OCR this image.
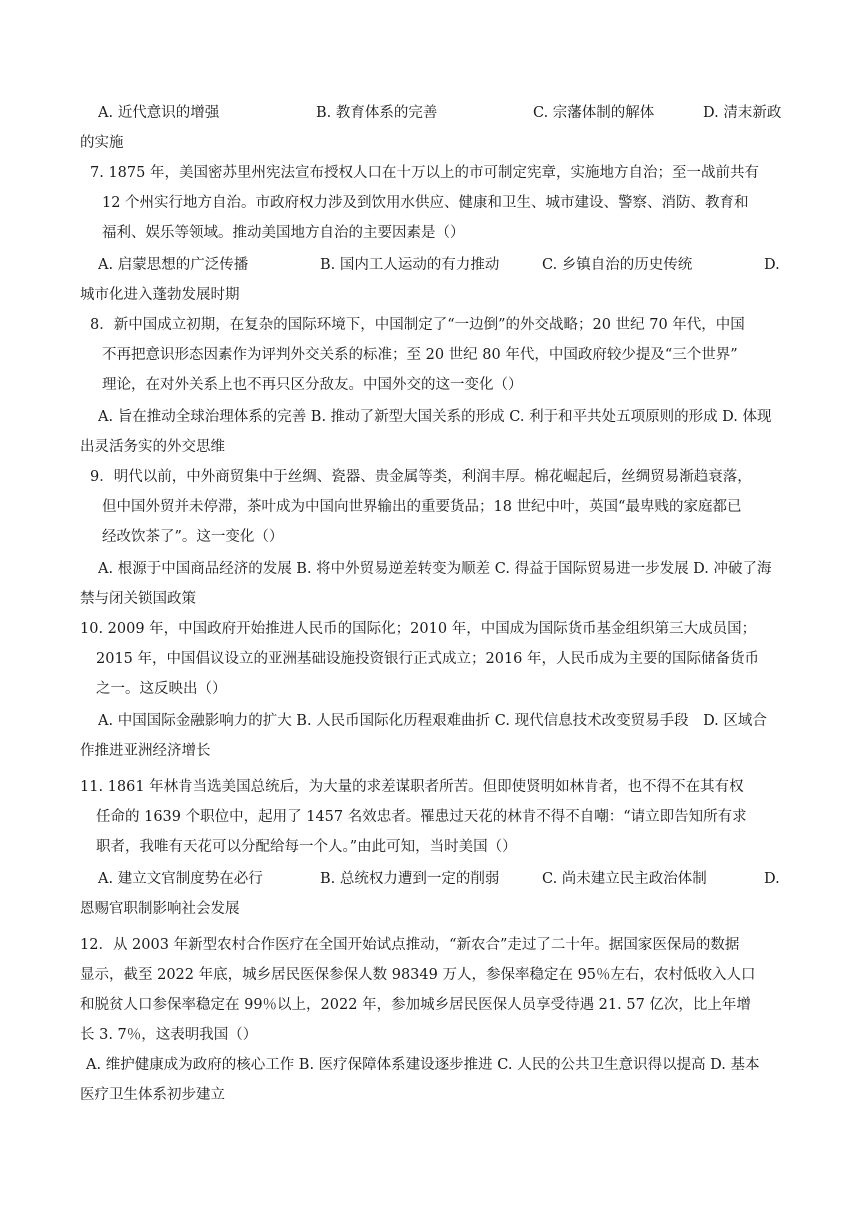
A. 近代意识的增强	B. 教育体系的完善	C. 宗藩体制的解体	D. 清末新政
的实施
7. 1875 年，美国密苏里州宪法宣布授权人口在十万以上的市可制定宪章，实施地方自治；至一战前共有
12 个州实行地方自治。市政府权力涉及到饮用水供应、健康和卫生、城市建设、警察、消防、教育和
福利、娱乐等领域。推动美国地方自治的主要因素是（）
A. 启蒙思想的广泛传播	B. 国内工人运动的有力推动	C. 乡镇自治的历史传统	D.
城市化进入蓬勃发展时期
8．新中国成立初期，在复杂的国际环境下，中国制定了“一边倒”的外交战略；20 世纪 70 年代，中国
不再把意识形态因素作为评判外交关系的标准；至 20 世纪 80 年代，中国政府较少提及“三个世界”
理论，在对外关系上也不再只区分敌友。中国外交的这一变化（）
A. 旨在推动全球治理体系的完善 B. 推动了新型大国关系的形成 C. 利于和平共处五项原则的形成 D. 体现
出灵活务实的外交思维
9．明代以前，中外商贸集中于丝绸、瓷器、贵金属等类，利润丰厚。棉花崛起后，丝绸贸易渐趋衰落，
但中国外贸并未停滞，茶叶成为中国向世界输出的重要货品；18 世纪中叶，英国“最卑贱的家庭都已
经改饮茶了”。这一变化（）
A. 根源于中国商品经济的发展 B. 将中外贸易逆差转变为顺差 C. 得益于国际贸易进一步发展 D. 冲破了海
禁与闭关锁国政策
10. 2009 年，中国政府开始推进人民币的国际化；2010 年，中国成为国际货币基金组织第三大成员国；
2015 年，中国倡议设立的亚洲基础设施投资银行正式成立；2016 年，人民币成为主要的国际储备货币
之一。这反映出（）
A. 中国国际金融影响力的扩大 B. 人民币国际化历程艰难曲折 C. 现代信息技术改变贸易手段　D. 区域合
作推进亚洲经济增长
11. 1861 年林肯当选美国总统后，为大量的求差谋职者所苦。但即使贤明如林肯者，也不得不在其有权
任命的 1639 个职位中，起用了 1457 名效忠者。罹患过天花的林肯不得不自嘲：“请立即告知所有求
职者，我唯有天花可以分配给每一个人。”由此可知，当时美国（）
A. 建立文官制度势在必行	B. 总统权力遭到一定的削弱	C. 尚未建立民主政治体制	D.
恩赐官职制影响社会发展
12．从 2003 年新型农村合作医疗在全国开始试点推动，“新农合”走过了二十年。据国家医保局的数据
显示，截至 2022 年底，城乡居民医保参保人数 98349 万人，参保率稳定在 95％左右，农村低收入人口
和脱贫人口参保率稳定在 99％以上，2022 年，参加城乡居民医保人员享受待遇 21. 57 亿次，比上年增
长 3. 7％，这表明我国（）
A. 维护健康成为政府的核心工作 B. 医疗保障体系建设逐步推进 C. 人民的公共卫生意识得以提高 D. 基本
医疗卫生体系初步建立
